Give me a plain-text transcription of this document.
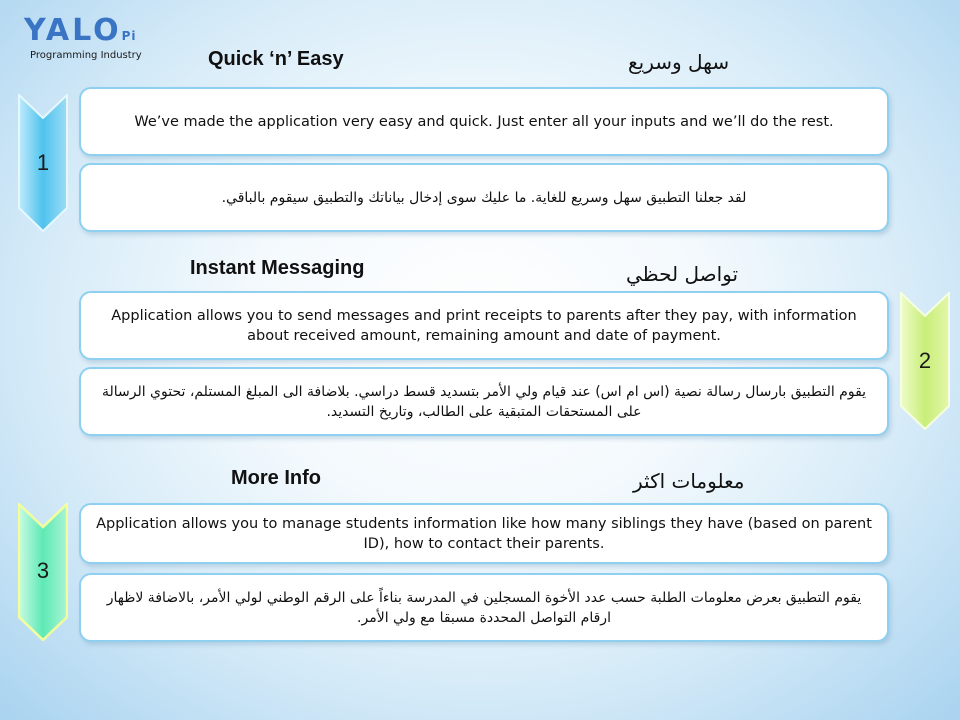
YALOPi
Programming Industry	Quick ‘n’ Easy	سهل وسريع
1
We’ve made the application very easy and quick. Just enter all your inputs and we’ll do the rest.
لقد جعلنا التطبيق سهل وسريع للغاية. ما عليك سوى إدخال بياناتك والتطبيق سيقوم بالباقي.
Instant Messaging	تواصل لحظي
Application allows you to send messages and print receipts to parents after they pay, with information about received amount, remaining amount and date of payment.
يقوم التطبيق بارسال رسالة نصية (اس ام اس) عند قيام ولي الأمر بتسديد قسط دراسي. بلاضافة الى المبلغ المستلم، تحتوي الرسالة على المستحقات المتبقية على الطالب، وتاريخ التسديد.
2
More Info	معلومات اكثر
3
Application allows you to manage students information like how many siblings they have (based on parent ID), how to contact their parents.
يقوم التطبيق بعرض معلومات الطلبة حسب عدد الأخوة المسجلين في المدرسة بناءاً على الرقم الوطني لولي الأمر، بالاضافة لاظهار ارقام التواصل المحددة مسبقا مع ولي الأمر.
